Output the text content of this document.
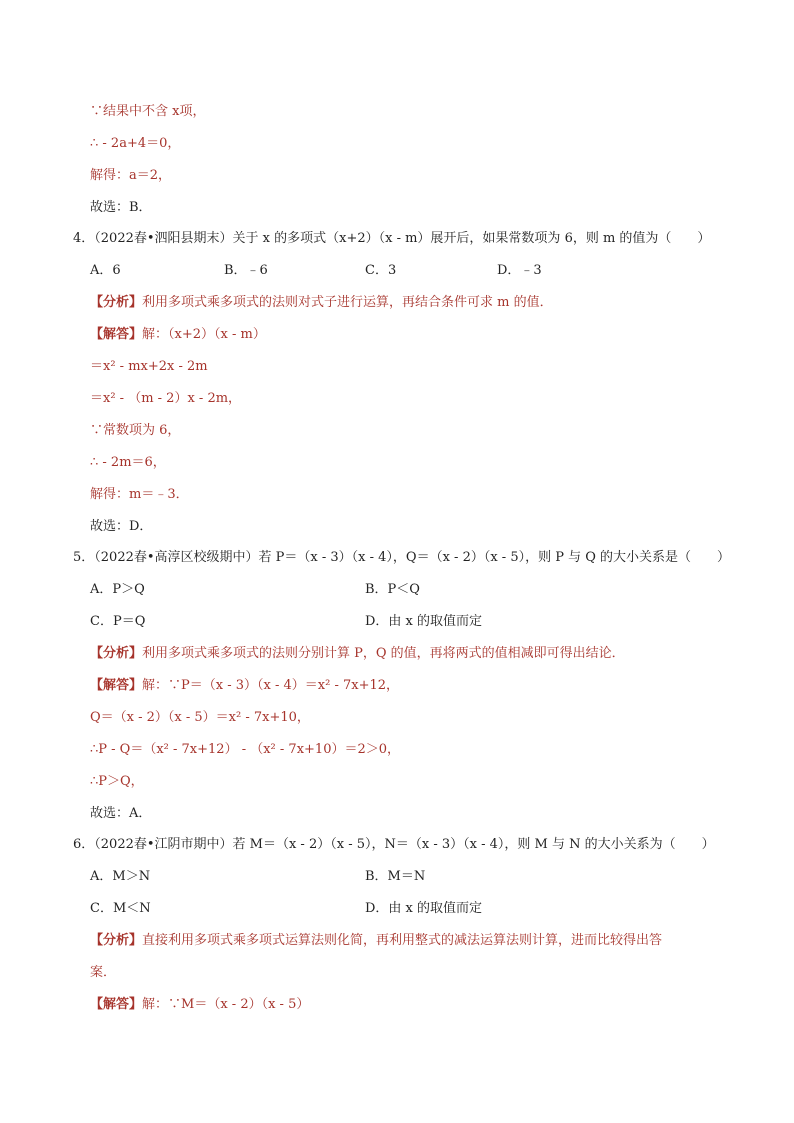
∵结果中不含 x项，
∴ - 2a+4＝0，
解得：a＝2，
故选：B．
4．（2022春•泗阳县期末）关于 x 的多项式（x+2）（x - m）展开后，如果常数项为 6，则 m 的值为（　　）
A．6	B．﹣6	C．3	D．﹣3
【分析】利用多项式乘多项式的法则对式子进行运算，再结合条件可求 m 的值．
【解答】解：（x+2）（x - m）
＝x² - mx+2x - 2m
＝x² - （m - 2）x - 2m，
∵常数项为 6，
∴ - 2m＝6，
解得：m＝﹣3．
故选：D．
5．（2022春•高淳区校级期中）若 P＝（x - 3）（x - 4），Q＝（x - 2）（x - 5），则 P 与 Q 的大小关系是（　　）
A．P＞Q	B．P＜Q
C．P＝Q	D．由 x 的取值而定
【分析】利用多项式乘多项式的法则分别计算 P，Q 的值，再将两式的值相减即可得出结论．
【解答】解：∵P＝（x - 3）（x - 4）＝x² - 7x+12，
Q＝（x - 2）（x - 5）＝x² - 7x+10，
∴P - Q＝（x² - 7x+12） - （x² - 7x+10）＝2＞0，
∴P＞Q，
故选：A．
6．（2022春•江阴市期中）若 M＝（x - 2）（x - 5），N＝（x - 3）（x - 4），则 M 与 N 的大小关系为（　　）
A．M＞N	B．M＝N
C．M＜N	D．由 x 的取值而定
【分析】直接利用多项式乘多项式运算法则化简，再利用整式的减法运算法则计算，进而比较得出答
案．
【解答】解：∵M＝（x - 2）（x - 5）
